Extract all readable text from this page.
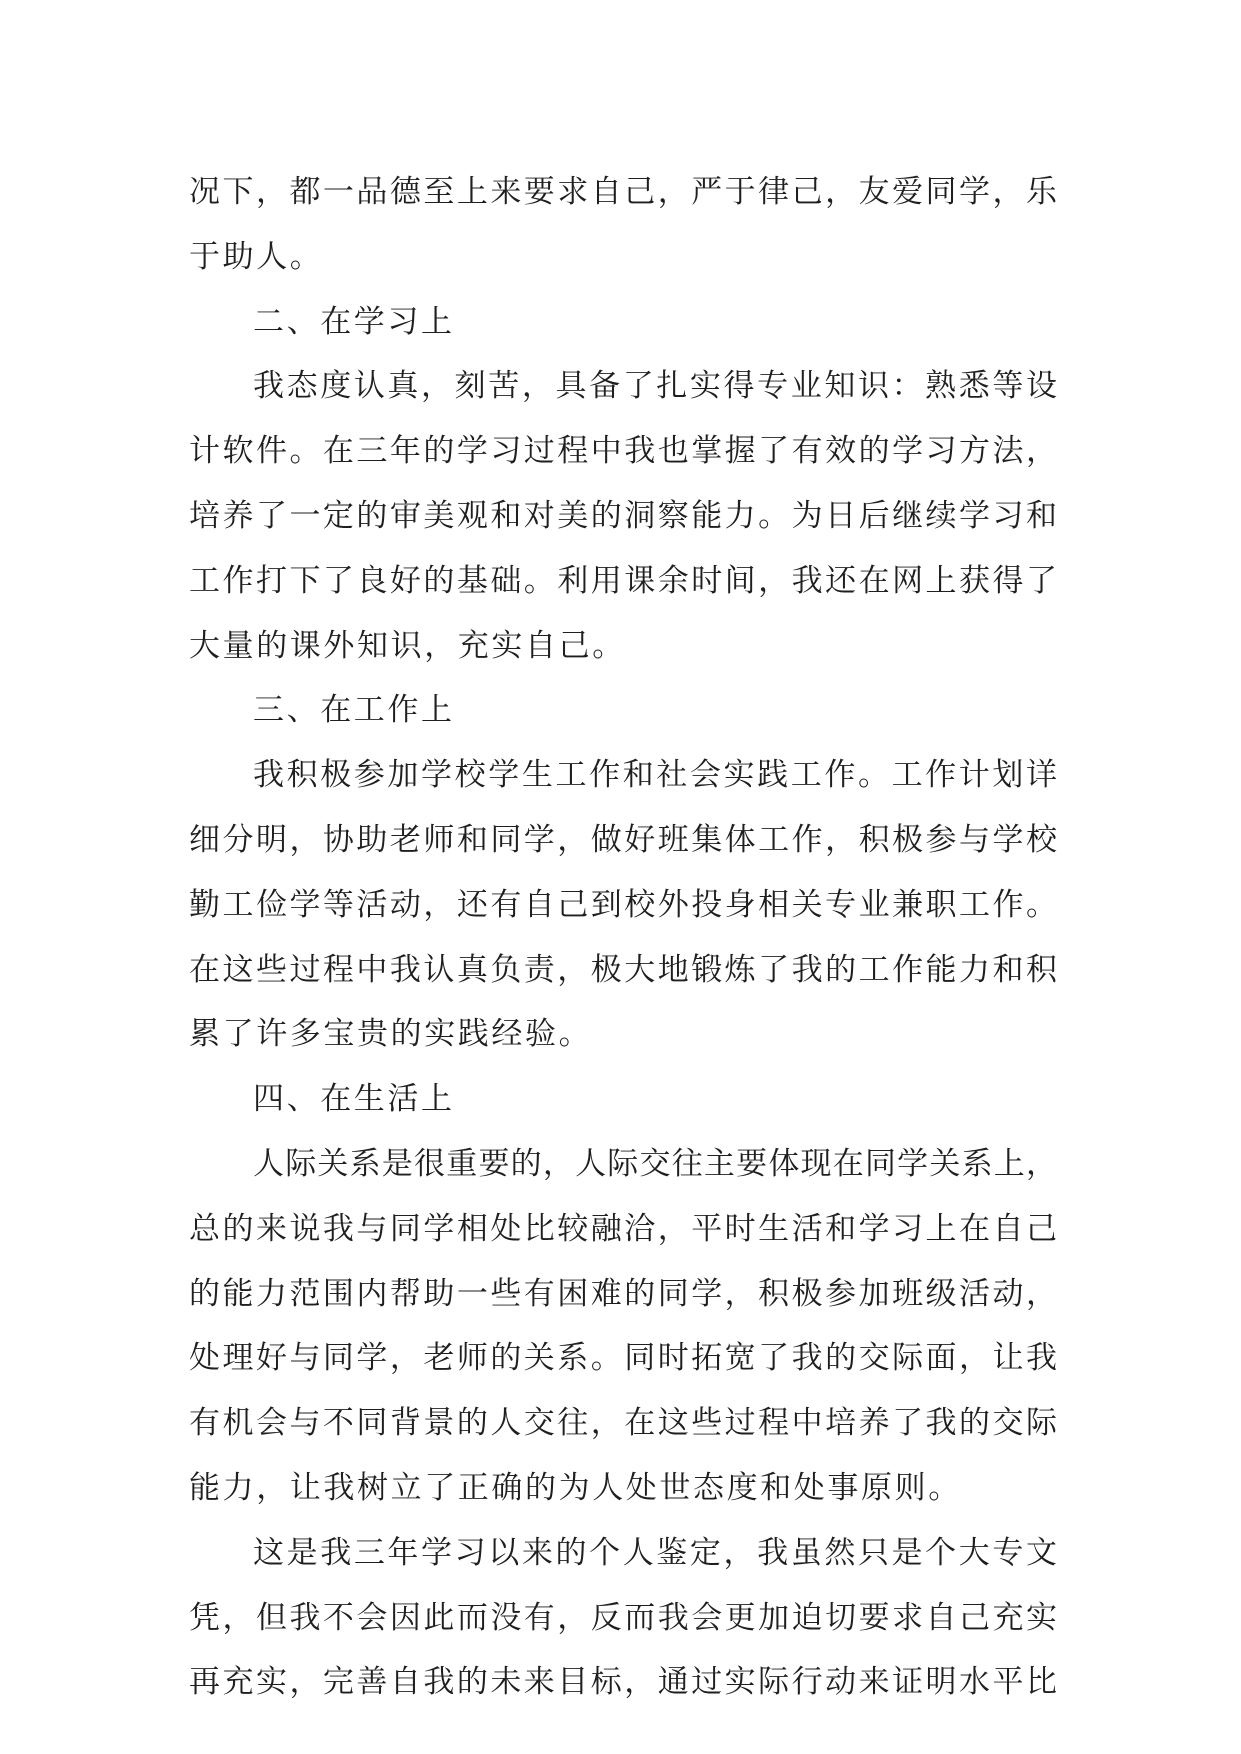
况下，都一品德至上来要求自己，严于律己，友爱同学，乐
于助人。
二、在学习上
我态度认真，刻苦，具备了扎实得专业知识：熟悉等设
计软件。在三年的学习过程中我也掌握了有效的学习方法，
培养了一定的审美观和对美的洞察能力。为日后继续学习和
工作打下了良好的基础。利用课余时间，我还在网上获得了
大量的课外知识，充实自己。
三、在工作上
我积极参加学校学生工作和社会实践工作。工作计划详
细分明，协助老师和同学，做好班集体工作，积极参与学校
勤工俭学等活动，还有自己到校外投身相关专业兼职工作。
在这些过程中我认真负责，极大地锻炼了我的工作能力和积
累了许多宝贵的实践经验。
四、在生活上
人际关系是很重要的，人际交往主要体现在同学关系上，
总的来说我与同学相处比较融洽，平时生活和学习上在自己
的能力范围内帮助一些有困难的同学，积极参加班级活动，
处理好与同学，老师的关系。同时拓宽了我的交际面，让我
有机会与不同背景的人交往，在这些过程中培养了我的交际
能力，让我树立了正确的为人处世态度和处事原则。
这是我三年学习以来的个人鉴定，我虽然只是个大专文
凭，但我不会因此而没有，反而我会更加迫切要求自己充实
再充实，完善自我的未来目标，通过实际行动来证明水平比
